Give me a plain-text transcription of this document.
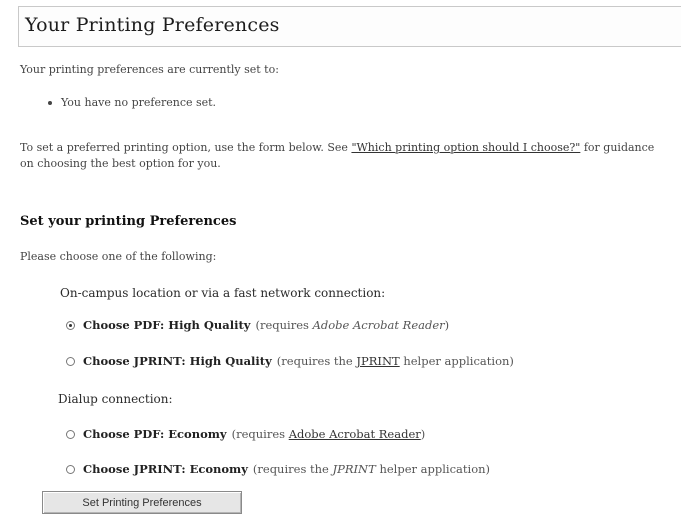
Your Printing Preferences
Your printing preferences are currently set to:
You have no preference set.
To set a preferred printing option, use the form below. See "Which printing option should I choose?" for guidance
on choosing the best option for you.
Set your printing Preferences
Please choose one of the following:
On-campus location or via a fast network connection:
Choose PDF: High Quality (requires Adobe Acrobat Reader)
Choose JPRINT: High Quality (requires the JPRINT helper application)
Dialup connection:
Choose PDF: Economy (requires Adobe Acrobat Reader)
Choose JPRINT: Economy (requires the JPRINT helper application)
Set Printing Preferences
